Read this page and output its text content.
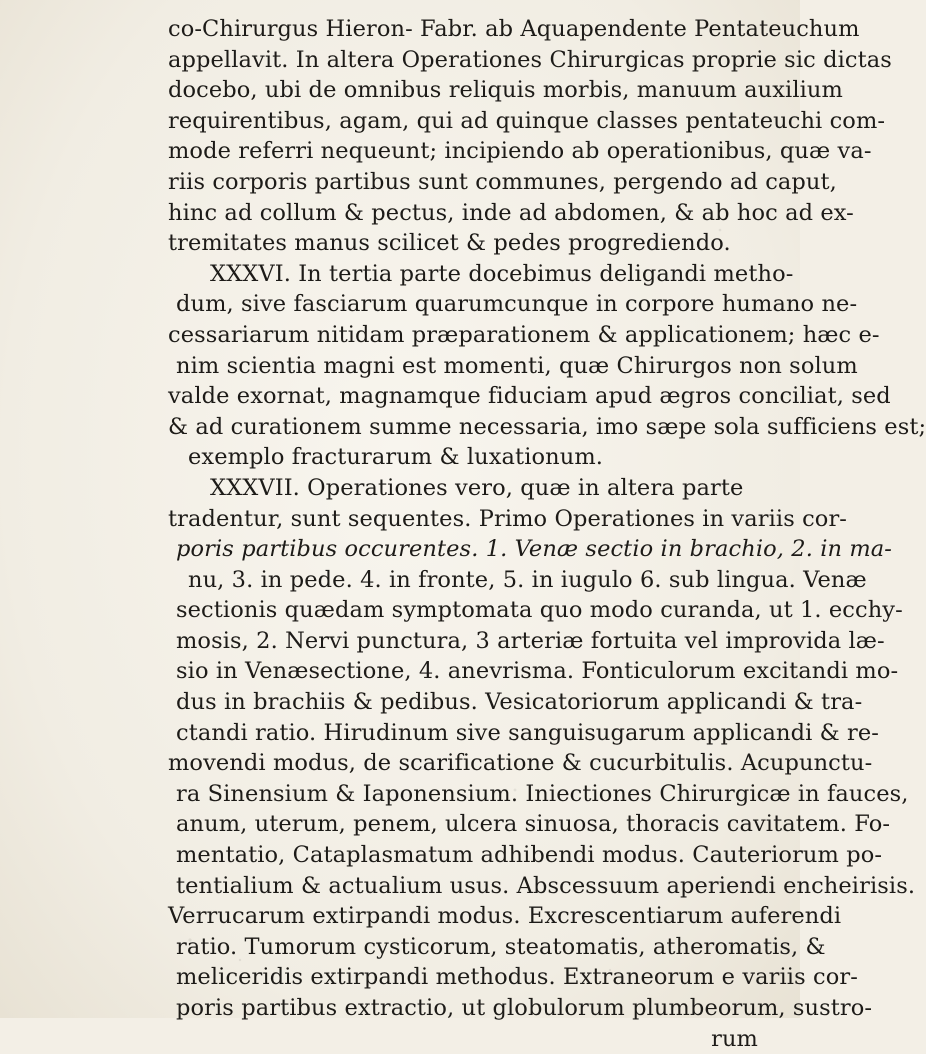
co-Chirurgus Hieron- Fabr. ab Aquapendente Pentateuchum
appellavit. In altera Operationes Chirurgicas proprie sic dictas
docebo, ubi de omnibus reliquis morbis, manuum auxilium
requirentibus, agam, qui ad quinque classes pentateuchi com-
mode referri nequeunt; incipiendo ab operationibus, quæ va-
riis corporis partibus sunt communes, pergendo ad caput,
hinc ad collum & pectus, inde ad abdomen, & ab hoc ad ex-
tremitates manus scilicet & pedes progrediendo.
XXXVI. In tertia parte docebimus deligandi metho-
dum, sive fasciarum quarumcunque in corpore humano ne-
cessariarum nitidam præparationem & applicationem; hæc e-
nim scientia magni est momenti, quæ Chirurgos non solum
valde exornat, magnamque fiduciam apud ægros conciliat, sed
& ad curationem summe necessaria, imo sæpe sola sufficiens est;
exemplo fracturarum & luxationum.
XXXVII. Operationes vero, quæ in altera parte
tradentur, sunt sequentes. Primo Operationes in variis cor-
poris partibus occurentes. 1. Venæ sectio in brachio, 2. in ma-
nu, 3. in pede. 4. in fronte, 5. in iugulo 6. sub lingua. Venæ
sectionis quædam symptomata quo modo curanda, ut 1. ecchy-
mosis, 2. Nervi punctura, 3 arteriæ fortuita vel improvida læ-
sio in Venæsectione, 4. anevrisma. Fonticulorum excitandi mo-
dus in brachiis & pedibus. Vesicatoriorum applicandi & tra-
ctandi ratio. Hirudinum sive sanguisugarum applicandi & re-
movendi modus, de scarificatione & cucurbitulis. Acupunctu-
ra Sinensium & Iaponensium. Iniectiones Chirurgicæ in fauces,
anum, uterum, penem, ulcera sinuosa, thoracis cavitatem. Fo-
mentatio, Cataplasmatum adhibendi modus. Cauteriorum po-
tentialium & actualium usus. Abscessuum aperiendi encheirisis.
Verrucarum extirpandi modus. Excrescentiarum auferendi
ratio. Tumorum cysticorum, steatomatis, atheromatis, &
meliceridis extirpandi methodus. Extraneorum e variis cor-
poris partibus extractio, ut globulorum plumbeorum, sustro-
rum
